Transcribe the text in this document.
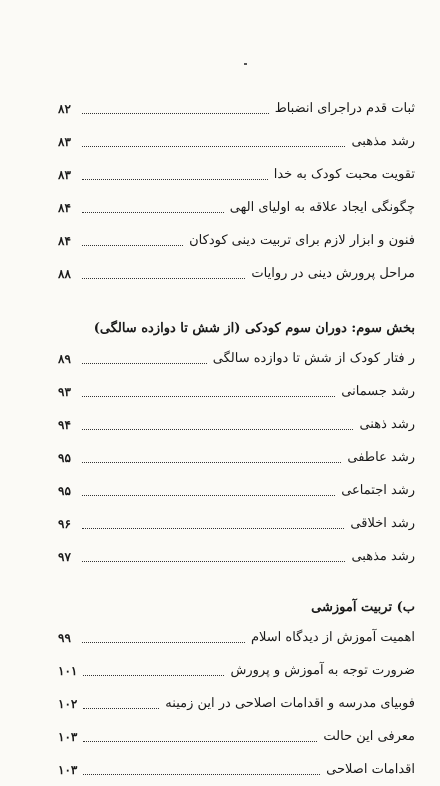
ثبات قدم دراجرای انضباط
۸۲
رشد مذهبی
۸۳
تقویت محبت کودک به خدا
۸۳
چگونگی ایجاد علاقه به اولیای الهی
۸۴
فنون و ابزار لازم برای تربیت دینی کودکان
۸۴
مراحل پرورش دینی در روایات
۸۸
بخش سوم: دوران سوم کودکی (از شش تا دوازده سالگی)
ر فتار کودک از شش تا دوازده سالگی
۸۹
رشد جسمانی
۹۳
رشد ذهنی
۹۴
رشد عاطفی
۹۵
رشد اجتماعی
۹۵
رشد اخلاقی
۹۶
رشد مذهبی
۹۷
ب) تربیت آموزشی
اهمیت آموزش از دیدگاه اسلام
۹۹
ضرورت توجه به آموزش و پرورش
۱۰۱
فوبیای مدرسه و اقدامات اصلاحی در این زمینه
۱۰۲
معرفی این حالت
۱۰۳
اقدامات اصلاحی
۱۰۳
